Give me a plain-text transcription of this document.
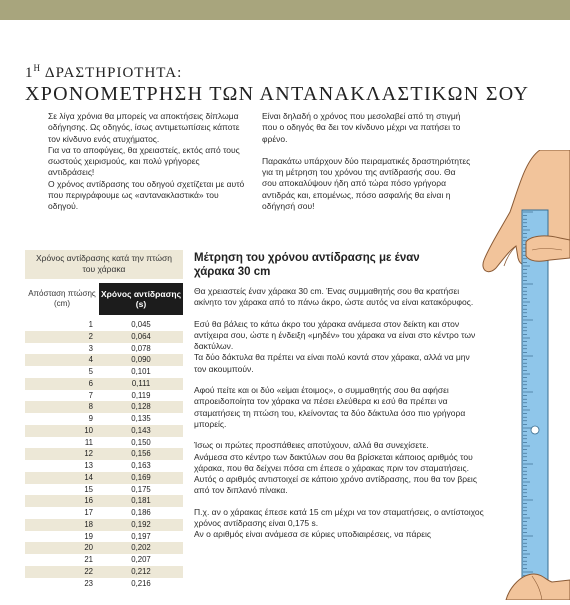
$1^H$ ΔΡΑΣΤΗΡΙΟΤΗΤΑ:
ΧΡΟΝΟΜΕΤΡΗΣΗ ΤΩΝ ΑΝΤΑΝΑΚΛΑΣΤΙΚΩΝ ΣΟΥ

Σε λίγα χρόνια θα μπορείς να αποκτήσεις δίπλωμα οδήγησης. Ως οδηγός, ίσως αντιμετωπίσεις κάποτε τον κίνδυνο ενός ατυχήματος.

Για να το αποφύγεις, θα χρειαστείς, εκτός από τους σωστούς χειρισμούς, και πολύ γρήγορες αντιδράσεις!

Ο χρόνος αντίδρασης του οδηγού σχετίζεται με αυτό που περιγράφουμε ως «αντανακλαστικά» του οδηγού.

Είναι δηλαδή ο χρόνος που μεσολαβεί από τη στιγμή που ο οδηγός θα δει τον κίνδυνο μέχρι να πατήσει το φρένο.

Παρακάτω υπάρχουν δύο πειραματικές δραστηριότητες για τη μέτρηση του χρόνου της αντίδρασής σου. Θα σου αποκαλύψουν ήδη από τώρα πόσο γρήγορα αντιδράς και, επομένως, πόσο ασφαλής θα είναι η οδήγησή σου!

Χρόνος αντίδρασης κατά την πτώση του χάρακα
Απόσταση πτώσης (cm)
Χρόνος αντίδρασης (s)
1	0,045
2	0,064
3	0,078
4	0,090
5	0,101
6	0,111
7	0,119
8	0,128
9	0,135
10	0,143
11	0,150
12	0,156
13	0,163
14	0,169
15	0,175
16	0,181
17	0,186
18	0,192
19	0,197
20	0,202
21	0,207
22	0,212
23	0,216
Μέτρηση του χρόνου αντίδρασης με έναν χάρακα 30 cm

Θα χρειαστείς έναν χάρακα 30 cm. Ένας συμμαθητής σου θα κρατήσει ακίνητο τον χάρακα από το πάνω άκρο, ώστε αυτός να είναι κατακόρυφος.

Εσύ θα βάλεις το κάτω άκρο του χάρακα ανάμεσα στον δείκτη και στον αντίχειρα σου, ώστε η ένδειξη «μηδέν» του χάρακα να είναι στο κέντρο των δακτύλων.

Τα δύο δάκτυλα θα πρέπει να είναι πολύ κοντά στον χάρακα, αλλά να μην τον ακουμπούν.

Αφού πείτε και οι δύο «είμαι έτοιμος», ο συμμαθητής σου θα αφήσει απροειδοποίητα τον χάρακα να πέσει ελεύθερα κι εσύ θα πρέπει να σταματήσεις τη πτώση του, κλείνοντας τα δύο δάκτυλα όσο πιο γρήγορα μπορείς.

Ίσως οι πρώτες προσπάθειες αποτύχουν, αλλά θα συνεχίσετε.

Ανάμεσα στο κέντρο των δακτύλων σου θα βρίσκεται κάποιος αριθμός του χάρακα, που θα δείχνει πόσα cm έπεσε ο χάρακας πριν τον σταματήσεις.

Αυτός ο αριθμός αντιστοιχεί σε κάποιο χρόνο αντίδρασης, που θα τον βρεις από τον διπλανό πίνακα.

Π.χ. αν ο χάρακας έπεσε κατά 15 cm μέχρι να τον σταματήσεις, ο αντίστοιχος χρόνος αντίδρασης είναι 0,175 s.

Αν ο αριθμός είναι ανάμεσα σε κύριες υποδιαιρέσεις, να πάρεις
